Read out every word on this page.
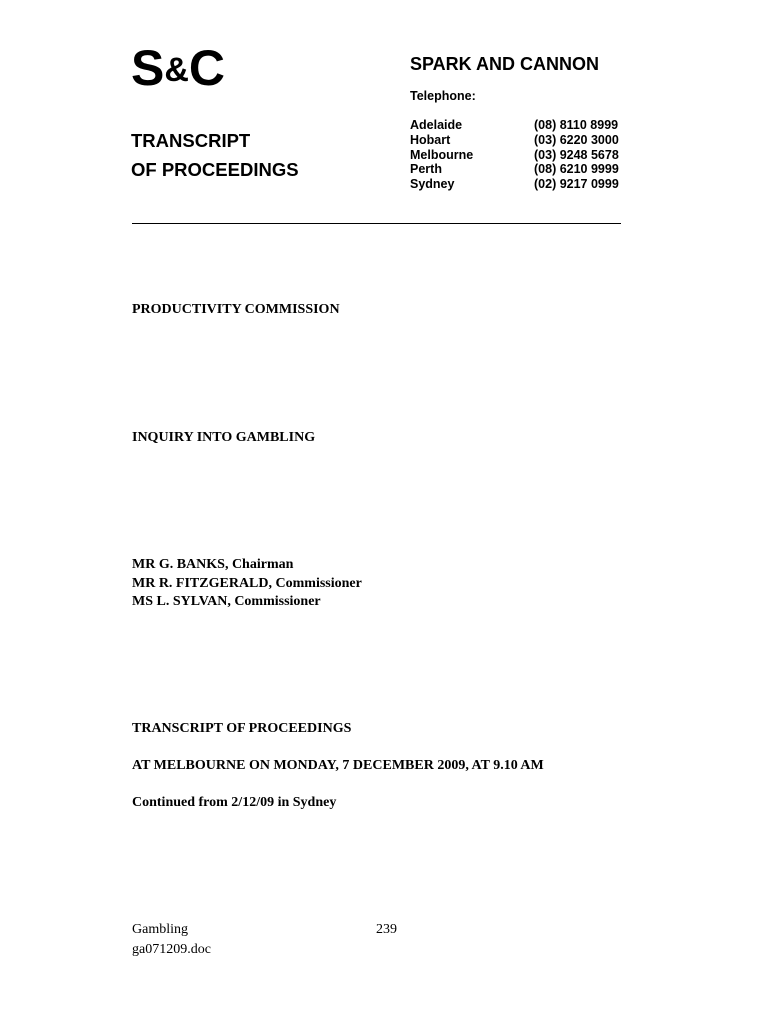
S&C	SPARK AND CANNON
Telephone:
Adelaide	(08) 8110 8999
Hobart	(03) 6220 3000
Melbourne	(03) 9248 5678
Perth	(08) 6210 9999
Sydney	(02) 9217 0999
TRANSCRIPT
OF PROCEEDINGS
PRODUCTIVITY COMMISSION
INQUIRY INTO GAMBLING
MR G. BANKS, Chairman
MR R. FITZGERALD, Commissioner
MS L. SYLVAN, Commissioner
TRANSCRIPT OF PROCEEDINGS
AT MELBOURNE ON MONDAY, 7 DECEMBER 2009, AT 9.10 AM
Continued from 2/12/09 in Sydney
Gambling
ga071209.doc
239
